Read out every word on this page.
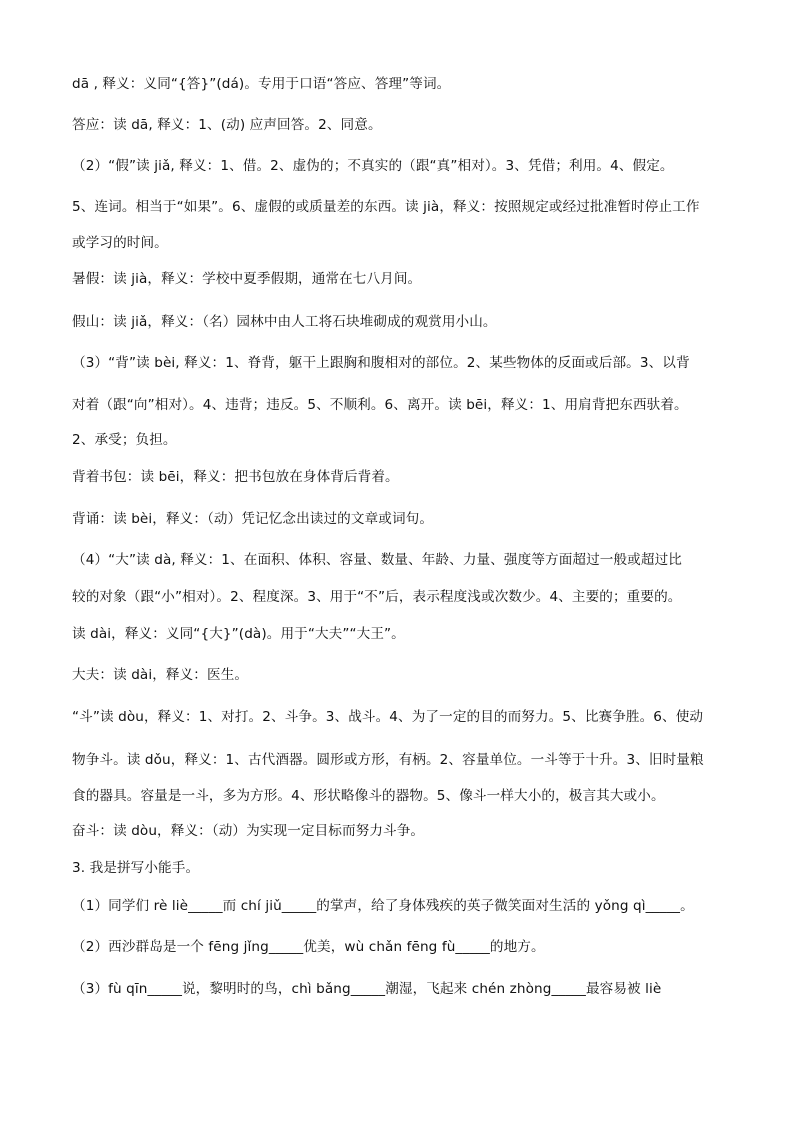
dā , 释义：义同“{答}”(dá)。专用于口语“答应、答理”等词。
答应：读 dā, 释义：1、(动) 应声回答。2、同意。
（2）“假”读 jiǎ, 释义：1、借。2、虚伪的；不真实的（跟“真”相对）。3、凭借；利用。4、假定。
5、连词。相当于“如果”。6、虚假的或质量差的东西。读 jià，释义：按照规定或经过批准暂时停止工作
或学习的时间。
暑假：读 jià，释义：学校中夏季假期，通常在七八月间。
假山：读 jiǎ，释义：（名）园林中由人工将石块堆砌成的观赏用小山。
（3）“背”读 bèi, 释义：1、脊背，躯干上跟胸和腹相对的部位。2、某些物体的反面或后部。3、以背
对着（跟“向”相对）。4、违背；违反。5、不顺利。6、离开。读 bēi，释义：1、用肩背把东西驮着。
2、承受；负担。
背着书包：读 bēi，释义：把书包放在身体背后背着。
背诵：读 bèi，释义：（动）凭记忆念出读过的文章或词句。
（4）“大”读 dà, 释义：1、在面积、体积、容量、数量、年龄、力量、强度等方面超过一般或超过比
较的对象（跟“小”相对）。2、程度深。3、用于“不”后，表示程度浅或次数少。4、主要的；重要的。
读 dài，释义：义同“{大}”(dà)。用于“大夫”“大王”。
大夫：读 dài，释义：医生。
“斗”读 dòu，释义：1、对打。2、斗争。3、战斗。4、为了一定的目的而努力。5、比赛争胜。6、使动
物争斗。读 dǒu，释义：1、古代酒器。圆形或方形，有柄。2、容量单位。一斗等于十升。3、旧时量粮
食的器具。容量是一斗，多为方形。4、形状略像斗的器物。5、像斗一样大小的，极言其大或小。
奋斗：读 dòu，释义：（动）为实现一定目标而努力斗争。
3. 我是拼写小能手。
（1）同学们 rè liè_____而 chí jiǔ_____的掌声，给了身体残疾的英子微笑面对生活的 yǒng qì_____。
（2）西沙群岛是一个 fēng jǐng_____优美，wù chǎn fēng fù_____的地方。
（3）fù qīn_____说，黎明时的鸟，chì bǎng_____潮湿，飞起来 chén zhòng_____最容易被 liè
